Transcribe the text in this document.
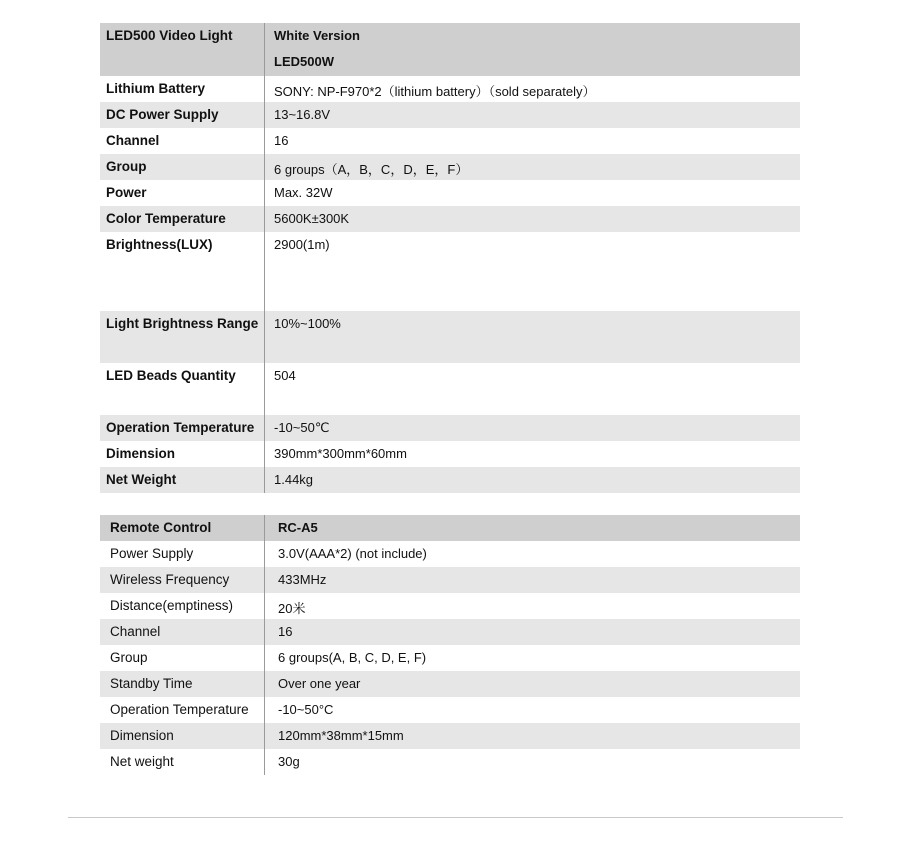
LED500 Video Light	White Version
LED500W
Lithium Battery	SONY: NP-F970*2（lithium battery）（sold separately）
DC Power Supply	13~16.8V
Channel	16
Group	6 groups（A，B，C，D，E，F）
Power	Max. 32W
Color Temperature	5600K±300K
Brightness(LUX)	2900(1m)
Light Brightness Range	10%~100%
LED Beads Quantity	504
Operation Temperature	-10~50℃
Dimension	390mm*300mm*60mm
Net Weight	1.44kg
Remote Control	RC-A5
Power Supply	3.0V(AAA*2) (not include)
Wireless Frequency	433MHz
Distance(emptiness)	20米
Channel	16
Group	6 groups(A, B, C, D, E, F)
Standby Time	Over one year
Operation Temperature	-10~50°C
Dimension	120mm*38mm*15mm
Net weight	30g
